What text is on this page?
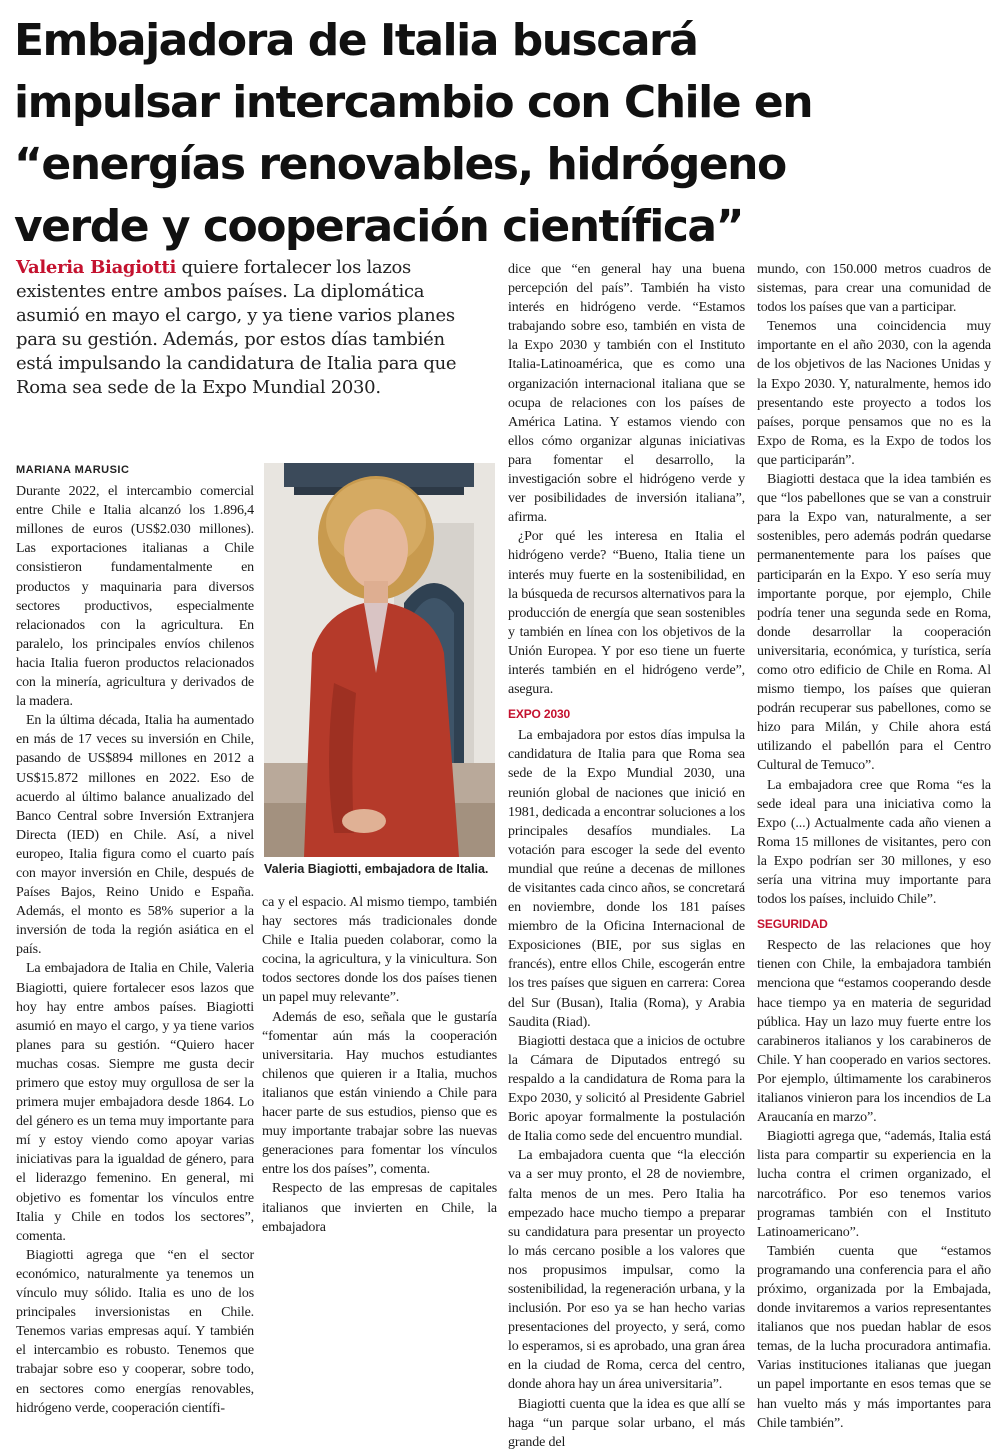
Embajadora de Italia buscará impulsar intercambio con Chile en “energías renovables, hidrógeno verde y cooperación científica”
Valeria Biagiotti quiere fortalecer los lazos existentes entre ambos países. La diplomática asumió en mayo el cargo, y ya tiene varios planes para su gestión. Además, por estos días también está impulsando la candidatura de Italia para que Roma sea sede de la Expo Mundial 2030.
MARIANA MARUSIC

Durante 2022, el intercambio comercial entre Chile e Italia alcanzó los 1.896,4 millones de euros (US$2.030 millones). Las exportaciones italianas a Chile consistieron fundamentalmente en productos y maquinaria para diversos sectores productivos, especialmente relacionados con la agricultura. En paralelo, los principales envíos chilenos hacia Italia fueron productos relacionados con la minería, agricultura y derivados de la madera.

En la última década, Italia ha aumentado en más de 17 veces su inversión en Chile, pasando de US$894 millones en 2012 a US$15.872 millones en 2022. Eso de acuerdo al último balance anualizado del Banco Central sobre Inversión Extranjera Directa (IED) en Chile. Así, a nivel europeo, Italia figura como el cuarto país con mayor inversión en Chile, después de Países Bajos, Reino Unido e España. Además, el monto es 58% superior a la inversión de toda la región asiática en el país.

La embajadora de Italia en Chile, Valeria Biagiotti, quiere fortalecer esos lazos que hoy hay entre ambos países. Biagiotti asumió en mayo el cargo, y ya tiene varios planes para su gestión. “Quiero hacer muchas cosas. Siempre me gusta decir primero que estoy muy orgullosa de ser la primera mujer embajadora desde 1864. Lo del género es un tema muy importante para mí y estoy viendo como apoyar varias iniciativas para la igualdad de género, para el liderazgo femenino. En general, mi objetivo es fomentar los vínculos entre Italia y Chile en todos los sectores”, comenta.

Biagiotti agrega que “en el sector económico, naturalmente ya tenemos un vínculo muy sólido. Italia es uno de los principales inversionistas en Chile. Tenemos varias empresas aquí. Y también el intercambio es robusto. Tenemos que trabajar sobre eso y cooperar, sobre todo, en sectores como energías renovables, hidrógeno verde, cooperación científi-

Valeria Biagiotti, embajadora de Italia.

ca y el espacio. Al mismo tiempo, también hay sectores más tradicionales donde Chile e Italia pueden colaborar, como la cocina, la agricultura, y la vinicultura. Son todos sectores donde los dos países tienen un papel muy relevante”.

Además de eso, señala que le gustaría “fomentar aún más la cooperación universitaria. Hay muchos estudiantes chilenos que quieren ir a Italia, muchos italianos que están viniendo a Chile para hacer parte de sus estudios, pienso que es muy importante trabajar sobre las nuevas generaciones para fomentar los vínculos entre los dos países”, comenta.

Respecto de las empresas de capitales italianos que invierten en Chile, la embajadora

dice que “en general hay una buena percepción del país”. También ha visto interés en hidrógeno verde. “Estamos trabajando sobre eso, también en vista de la Expo 2030 y también con el Instituto Italia-Latinoamérica, que es como una organización internacional italiana que se ocupa de relaciones con los países de América Latina. Y estamos viendo con ellos cómo organizar algunas iniciativas para fomentar el desarrollo, la investigación sobre el hidrógeno verde y ver posibilidades de inversión italiana”, afirma.

¿Por qué les interesa en Italia el hidrógeno verde? “Bueno, Italia tiene un interés muy fuerte en la sostenibilidad, en la búsqueda de recursos alternativos para la producción de energía que sean sostenibles y también en línea con los objetivos de la Unión Europea. Y por eso tiene un fuerte interés también en el hidrógeno verde”, asegura.

EXPO 2030

La embajadora por estos días impulsa la candidatura de Italia para que Roma sea sede de la Expo Mundial 2030, una reunión global de naciones que inició en 1981, dedicada a encontrar soluciones a los principales desafíos mundiales. La votación para escoger la sede del evento mundial que reúne a decenas de millones de visitantes cada cinco años, se concretará en noviembre, donde los 181 países miembro de la Oficina Internacional de Exposiciones (BIE, por sus siglas en francés), entre ellos Chile, escogerán entre los tres países que siguen en carrera: Corea del Sur (Busan), Italia (Roma), y Arabia Saudita (Riad).

Biagiotti destaca que a inicios de octubre la Cámara de Diputados entregó su respaldo a la candidatura de Roma para la Expo 2030, y solicitó al Presidente Gabriel Boric apoyar formalmente la postulación de Italia como sede del encuentro mundial.

La embajadora cuenta que “la elección va a ser muy pronto, el 28 de noviembre, falta menos de un mes. Pero Italia ha empezado hace mucho tiempo a preparar su candidatura para presentar un proyecto lo más cercano posible a los valores que nos propusimos impulsar, como la sostenibilidad, la regeneración urbana, y la inclusión. Por eso ya se han hecho varias presentaciones del proyecto, y será, como lo esperamos, si es aprobado, una gran área en la ciudad de Roma, cerca del centro, donde ahora hay un área universitaria”.

Biagiotti cuenta que la idea es que allí se haga “un parque solar urbano, el más grande del

mundo, con 150.000 metros cuadros de sistemas, para crear una comunidad de todos los países que van a participar.

Tenemos una coincidencia muy importante en el año 2030, con la agenda de los objetivos de las Naciones Unidas y la Expo 2030. Y, naturalmente, hemos ido presentando este proyecto a todos los países, porque pensamos que no es la Expo de Roma, es la Expo de todos los que participarán”.

Biagiotti destaca que la idea también es que “los pabellones que se van a construir para la Expo van, naturalmente, a ser sostenibles, pero además podrán quedarse permanentemente para los países que participarán en la Expo. Y eso sería muy importante porque, por ejemplo, Chile podría tener una segunda sede en Roma, donde desarrollar la cooperación universitaria, económica, y turística, sería como otro edificio de Chile en Roma. Al mismo tiempo, los países que quieran podrán recuperar sus pabellones, como se hizo para Milán, y Chile ahora está utilizando el pabellón para el Centro Cultural de Temuco”.

La embajadora cree que Roma “es la sede ideal para una iniciativa como la Expo (...) Actualmente cada año vienen a Roma 15 millones de visitantes, pero con la Expo podrían ser 30 millones, y eso sería una vitrina muy importante para todos los países, incluido Chile”.

SEGURIDAD

Respecto de las relaciones que hoy tienen con Chile, la embajadora también menciona que “estamos cooperando desde hace tiempo ya en materia de seguridad pública. Hay un lazo muy fuerte entre los carabineros italianos y los carabineros de Chile. Y han cooperado en varios sectores. Por ejemplo, últimamente los carabineros italianos vinieron para los incendios de La Araucanía en marzo”.

Biagiotti agrega que, “además, Italia está lista para compartir su experiencia en la lucha contra el crimen organizado, el narcotráfico. Por eso tenemos varios programas también con el Instituto Latinoamericano”.

También cuenta que “estamos programando una conferencia para el año próximo, organizada por la Embajada, donde invitaremos a varios representantes italianos que nos puedan hablar de esos temas, de la lucha procuradora antimafia. Varias instituciones italianas que juegan un papel importante en esos temas que se han vuelto más y más importantes para Chile también”.
